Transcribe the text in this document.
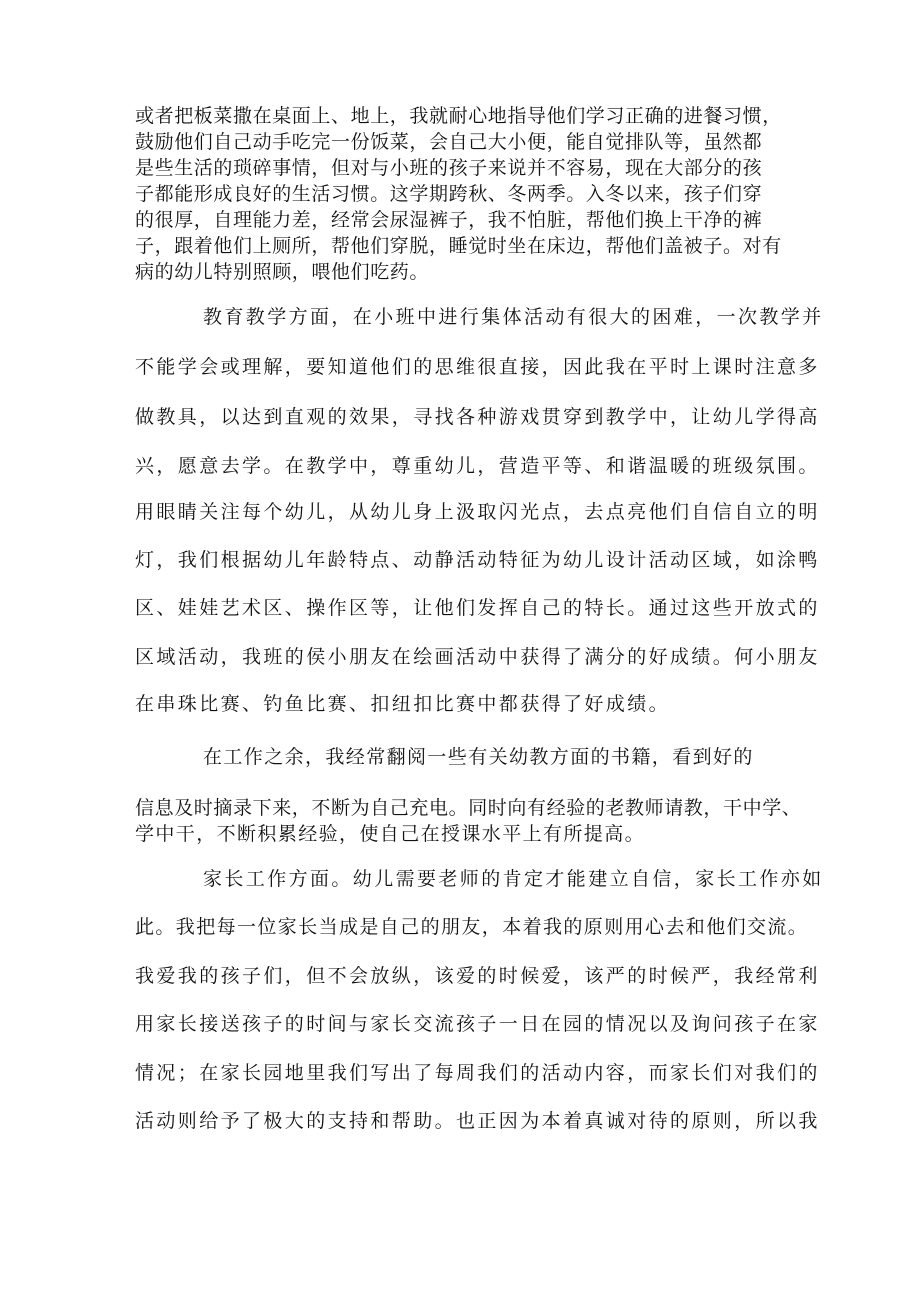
或者把板菜撒在桌面上、地上，我就耐心地指导他们学习正确的进餐习惯，
鼓励他们自己动手吃完一份饭菜，会自己大小便，能自觉排队等，虽然都
是些生活的琐碎事情，但对与小班的孩子来说并不容易，现在大部分的孩
子都能形成良好的生活习惯。这学期跨秋、冬两季。入冬以来，孩子们穿
的很厚，自理能力差，经常会尿湿裤子，我不怕脏，帮他们换上干净的裤
子，跟着他们上厕所，帮他们穿脱，睡觉时坐在床边，帮他们盖被子。对有
病的幼儿特别照顾，喂他们吃药。
教育教学方面，在小班中进行集体活动有很大的困难，一次教学并
不能学会或理解，要知道他们的思维很直接，因此我在平时上课时注意多
做教具，以达到直观的效果，寻找各种游戏贯穿到教学中，让幼儿学得高
兴，愿意去学。在教学中，尊重幼儿，营造平等、和谐温暖的班级氛围。
用眼睛关注每个幼儿，从幼儿身上汲取闪光点，去点亮他们自信自立的明
灯，我们根据幼儿年龄特点、动静活动特征为幼儿设计活动区域，如涂鸭
区、娃娃艺术区、操作区等，让他们发挥自己的特长。通过这些开放式的
区域活动，我班的侯小朋友在绘画活动中获得了满分的好成绩。何小朋友
在串珠比赛、钓鱼比赛、扣纽扣比赛中都获得了好成绩。
在工作之余，我经常翻阅一些有关幼教方面的书籍，看到好的
信息及时摘录下来，不断为自己充电。同时向有经验的老教师请教，干中学、
学中干，不断积累经验，使自己在授课水平上有所提高。
家长工作方面。幼儿需要老师的肯定才能建立自信，家长工作亦如
此。我把每一位家长当成是自己的朋友，本着我的原则用心去和他们交流。
我爱我的孩子们，但不会放纵，该爱的时候爱，该严的时候严，我经常利
用家长接送孩子的时间与家长交流孩子一日在园的情况以及询问孩子在家
情况；在家长园地里我们写出了每周我们的活动内容，而家长们对我们的
活动则给予了极大的支持和帮助。也正因为本着真诚对待的原则，所以我
